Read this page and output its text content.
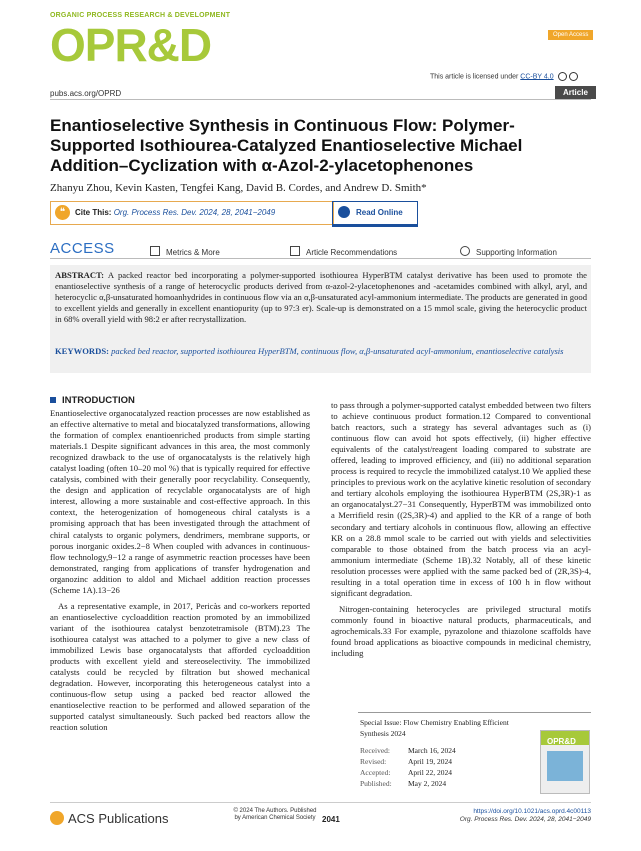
ORGANIC PROCESS RESEARCH & DEVELOPMENT
OPR&D	Open Access
This article is licensed under CC-BY 4.0
pubs.acs.org/OPRD	Article
Enantioselective Synthesis in Continuous Flow: Polymer-Supported Isothiourea-Catalyzed Enantioselective Michael Addition–Cyclization with α-Azol-2-ylacetophenones
Zhanyu Zhou, Kevin Kasten, Tengfei Kang, David B. Cordes, and Andrew D. Smith*
❝	Cite This: Org. Process Res. Dev. 2024, 28, 2041−2049	Read Online
ACCESS	Metrics & More	Article Recommendations	Supporting Information
ABSTRACT: A packed reactor bed incorporating a polymer-supported isothiourea HyperBTM catalyst derivative has been used to promote the enantioselective synthesis of a range of heterocyclic products derived from α-azol-2-ylacetophenones and -acetamides combined with alkyl, aryl, and heterocyclic α,β-unsaturated homoanhydrides in continuous flow via an α,β-unsaturated acyl-ammonium intermediate. The products are generated in good to excellent yields and generally in excellent enantiopurity (up to 97:3 er). Scale-up is demonstrated on a 15 mmol scale, giving the heterocyclic product in 68% overall yield with 98:2 er after recrystallization.
KEYWORDS: packed bed reactor, supported isothiourea HyperBTM, continuous flow, α,β-unsaturated acyl-ammonium, enantioselective catalysis
INTRODUCTION

Enantioselective organocatalyzed reaction processes are now established as an effective alternative to metal and biocatalyzed transformations, allowing the formation of complex enantioenriched products from simple starting materials.1 Despite significant advances in this area, the most commonly recognized drawback to the use of organocatalysts is the relatively high catalyst loading (often 10–20 mol %) that is typically required for effective catalysis, combined with their generally poor recyclability. Consequently, the design and application of recyclable organocatalysts are of high interest, allowing a more sustainable and cost-effective approach. In this context, the heterogenization of homogeneous chiral catalysts is a promising approach that has been investigated through the attachment of chiral catalysts to organic polymers, dendrimers, membrane supports, or porous inorganic oxides.2−8 When coupled with advances in continuous-flow technology,9−12 a range of asymmetric reaction processes have been demonstrated, ranging from applications of transfer hydrogenation and organozinc addition to aldol and Michael addition reaction processes (Scheme 1A).13−26

As a representative example, in 2017, Pericàs and co-workers reported an enantioselective cycloaddition reaction promoted by an immobilized variant of the isothiourea catalyst benzotetramisole (BTM).23 The isothiourea catalyst was attached to a polymer to give a new class of immobilized Lewis base organocatalysts that afforded cycloaddition products with excellent yield and stereoselectivity. The immobilized catalysts could be recycled by filtration but showed mechanical degradation. However, incorporating this heterogeneous catalyst into a continuous-flow setup using a packed bed reactor allowed the enantioselective reaction to be performed and allowed separation of the supported catalyst simultaneously. Such packed bed reactors allow the reaction solution

to pass through a polymer-supported catalyst embedded between two filters to achieve continuous product formation.12 Compared to conventional batch reactors, such a strategy has several advantages such as (i) continuous flow can avoid hot spots effectively, (ii) higher effective equivalents of the catalyst/reagent loading compared to substrate are offered, leading to improved efficiency, and (iii) no additional separation process is required to recycle the immobilized catalyst.10 We applied these principles to previous work on the acylative kinetic resolution of secondary and tertiary alcohols employing the isothiourea HyperBTM (2S,3R)-1 as an organocatalyst.27−31 Consequently, HyperBTM was immobilized onto a Merrifield resin ((2S,3R)-4) and applied to the KR of a range of both secondary and tertiary alcohols in continuous flow, allowing an effective KR on a 28.8 mmol scale to be carried out with yields and selectivities comparable to those obtained from the batch process via an acyl-ammonium intermediate (Scheme 1B).32 Notably, all of these kinetic resolution processes were applied with the same packed bed of (2R,3S)-4, resulting in a total operation time in excess of 100 h in flow without significant degradation.

Nitrogen-containing heterocycles are privileged structural motifs commonly found in bioactive natural products, pharmaceuticals, and agrochemicals.33 For example, pyrazolone and thiazolone scaffolds have found broad applications as bioactive compounds in medicinal chemistry, including

Special Issue: Flow Chemistry Enabling Efficient Synthesis 2024
Received: March 16, 2024
Revised:	April 19, 2024
Accepted: April 22, 2024
Published: May 2, 2024
OPR&D
ACS Publications	© 2024 The Authors. Published by American Chemical Society 2041
https://doi.org/10.1021/acs.oprd.4c00113
Org. Process Res. Dev. 2024, 28, 2041−2049
